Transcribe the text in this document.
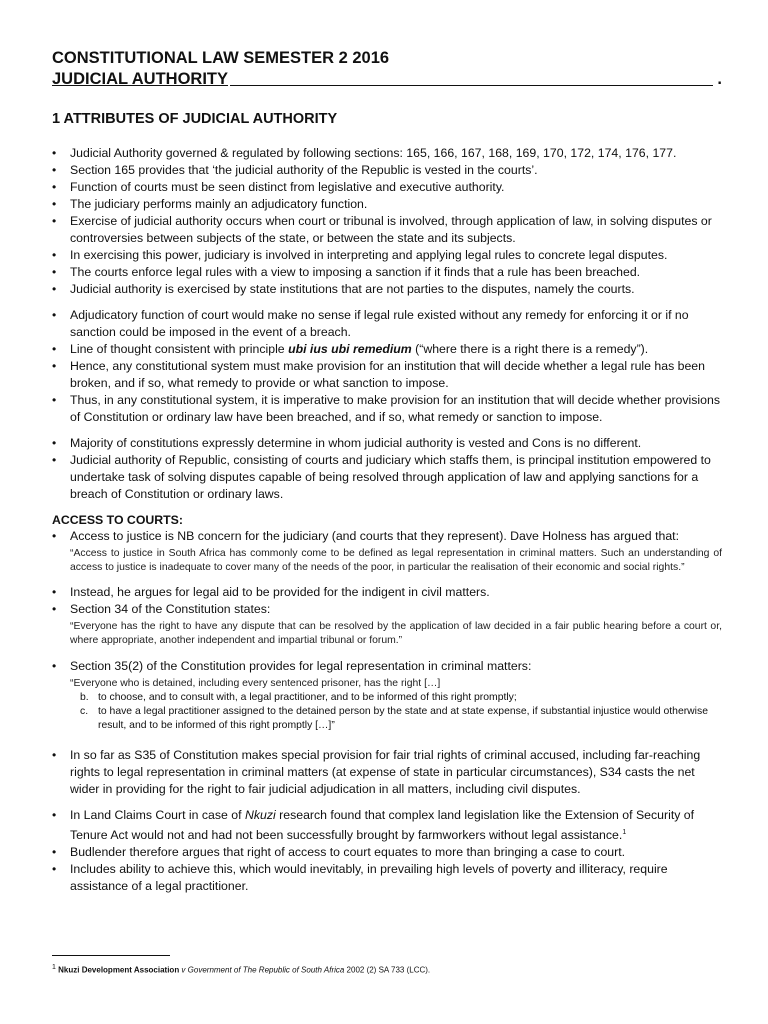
CONSTITUTIONAL LAW SEMESTER 2 2016
JUDICIAL AUTHORITY	.
1 ATTRIBUTES OF JUDICIAL AUTHORITY
• Judicial Authority governed & regulated by following sections: 165, 166, 167, 168, 169, 170, 172, 174, 176, 177.
• Section 165 provides that ‘the judicial authority of the Republic is vested in the courts’.
• Function of courts must be seen distinct from legislative and executive authority.
• The judiciary performs mainly an adjudicatory function.
• Exercise of judicial authority occurs when court or tribunal is involved, through application of law, in solving disputes or controversies between subjects of the state, or between the state and its subjects.
• In exercising this power, judiciary is involved in interpreting and applying legal rules to concrete legal disputes.
• The courts enforce legal rules with a view to imposing a sanction if it finds that a rule has been breached.
• Judicial authority is exercised by state institutions that are not parties to the disputes, namely the courts.
• Adjudicatory function of court would make no sense if legal rule existed without any remedy for enforcing it or if no sanction could be imposed in the event of a breach.
• Line of thought consistent with principle ubi ius ubi remedium (“where there is a right there is a remedy”).
• Hence, any constitutional system must make provision for an institution that will decide whether a legal rule has been broken, and if so, what remedy to provide or what sanction to impose.
• Thus, in any constitutional system, it is imperative to make provision for an institution that will decide whether provisions of Constitution or ordinary law have been breached, and if so, what remedy or sanction to impose.
• Majority of constitutions expressly determine in whom judicial authority is vested and Cons is no different.
• Judicial authority of Republic, consisting of courts and judiciary which staffs them, is principal institution empowered to undertake task of solving disputes capable of being resolved through application of law and applying sanctions for a breach of Constitution or ordinary laws.
ACCESS TO COURTS:
• Access to justice is NB concern for the judiciary (and courts that they represent). Dave Holness has argued that:
“Access to justice in South Africa has commonly come to be defined as legal representation in criminal matters. Such an understanding of access to justice is inadequate to cover many of the needs of the poor, in particular the realisation of their economic and social rights.”
• Instead, he argues for legal aid to be provided for the indigent in civil matters.
• Section 34 of the Constitution states:
“Everyone has the right to have any dispute that can be resolved by the application of law decided in a fair public hearing before a court or, where appropriate, another independent and impartial tribunal or forum.”
• Section 35(2) of the Constitution provides for legal representation in criminal matters:
“Everyone who is detained, including every sentenced prisoner, has the right […]
b. to choose, and to consult with, a legal practitioner, and to be informed of this right promptly;
c. to have a legal practitioner assigned to the detained person by the state and at state expense, if substantial injustice would otherwise result, and to be informed of this right promptly […]”
• In so far as S35 of Constitution makes special provision for fair trial rights of criminal accused, including far-reaching rights to legal representation in criminal matters (at expense of state in particular circumstances), S34 casts the net wider in providing for the right to fair judicial adjudication in all matters, including civil disputes.
• In Land Claims Court in case of Nkuzi research found that complex land legislation like the Extension of Security of Tenure Act would not and had not been successfully brought by farmworkers without legal assistance.$^1$
• Budlender therefore argues that right of access to court equates to more than bringing a case to court.
• Includes ability to achieve this, which would inevitably, in prevailing high levels of poverty and illiteracy, require assistance of a legal practitioner.
$^1$ Nkuzi Development Association v Government of The Republic of South Africa 2002 (2) SA 733 (LCC).
